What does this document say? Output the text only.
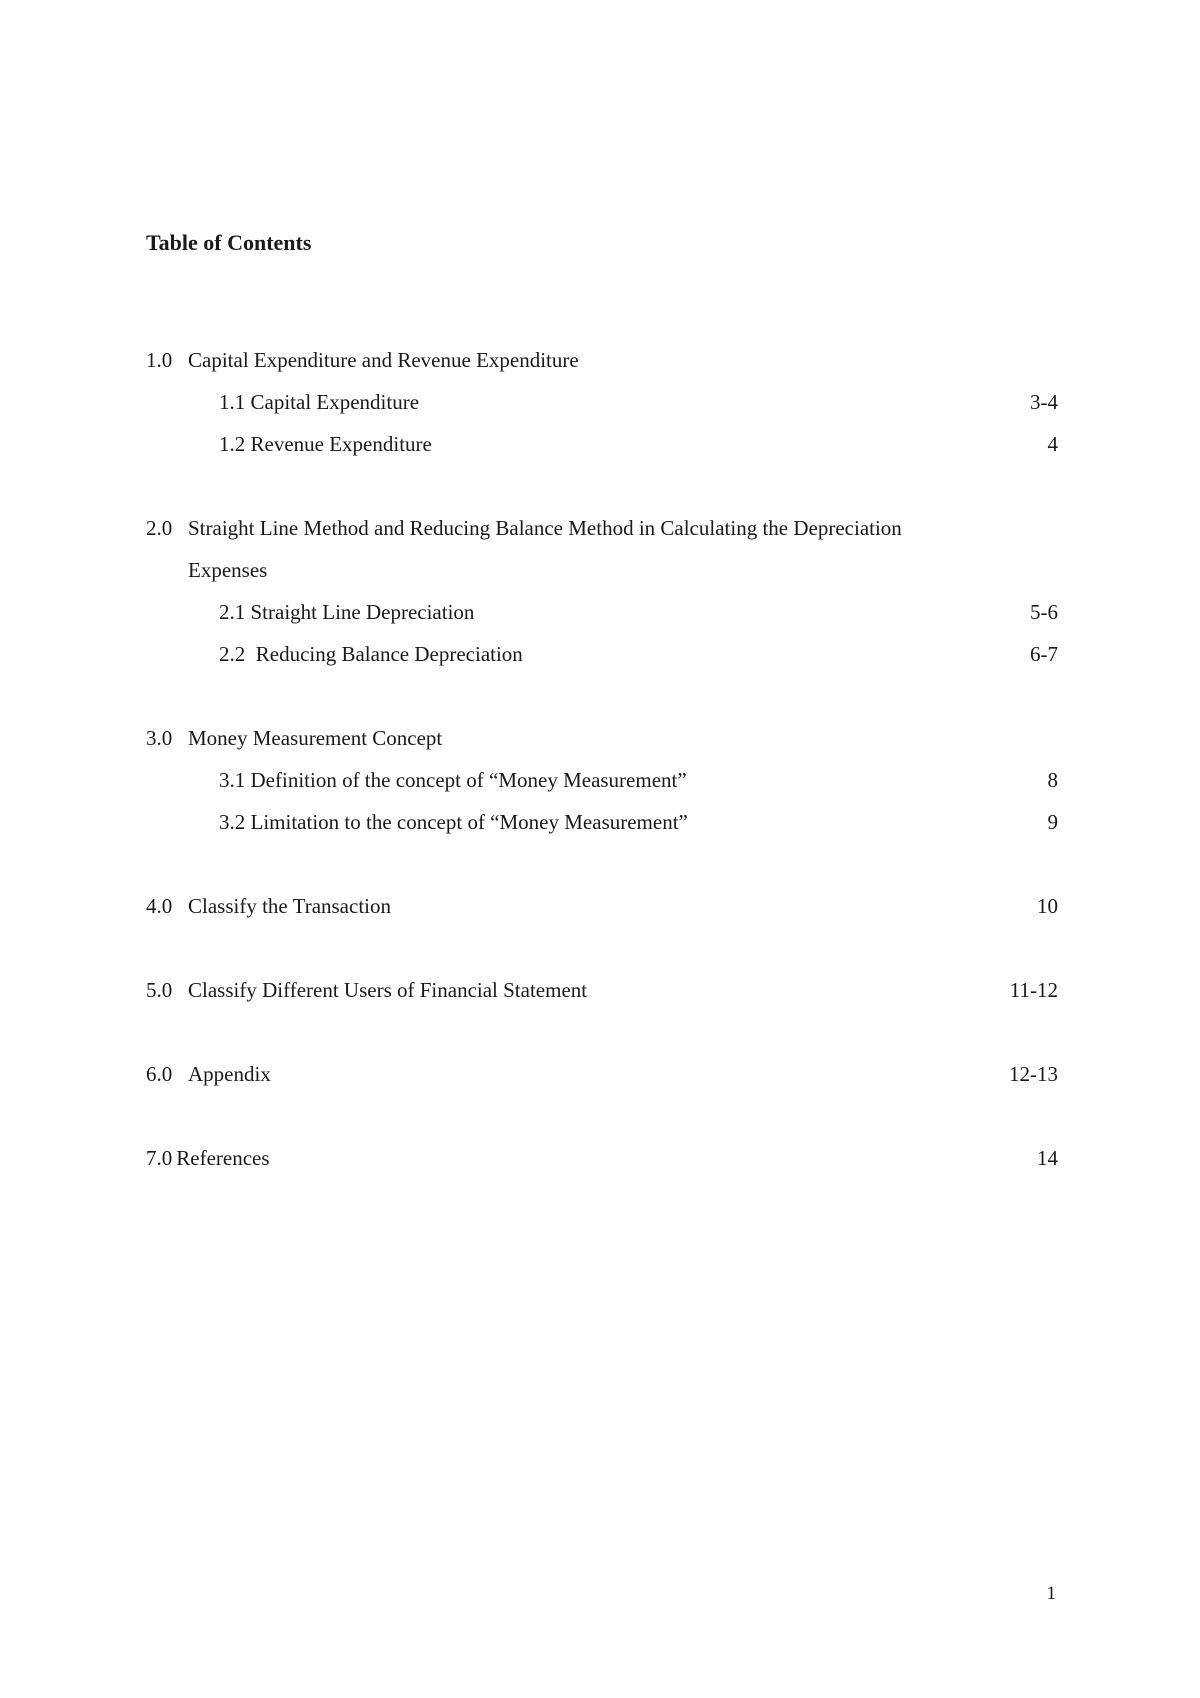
Table of Contents
1.0 Capital Expenditure and Revenue Expenditure
1.1 Capital Expenditure	3-4
1.2 Revenue Expenditure	4
2.0 Straight Line Method and Reducing Balance Method in Calculating the Depreciation
Expenses
2.1 Straight Line Depreciation	5-6
2.2  Reducing Balance Depreciation	6-7
3.0 Money Measurement Concept
3.1 Definition of the concept of “Money Measurement”	8
3.2 Limitation to the concept of “Money Measurement”	9
4.0 Classify the Transaction	10
5.0 Classify Different Users of Financial Statement	11-12
6.0 Appendix	12-13
7.0 References	14
1
